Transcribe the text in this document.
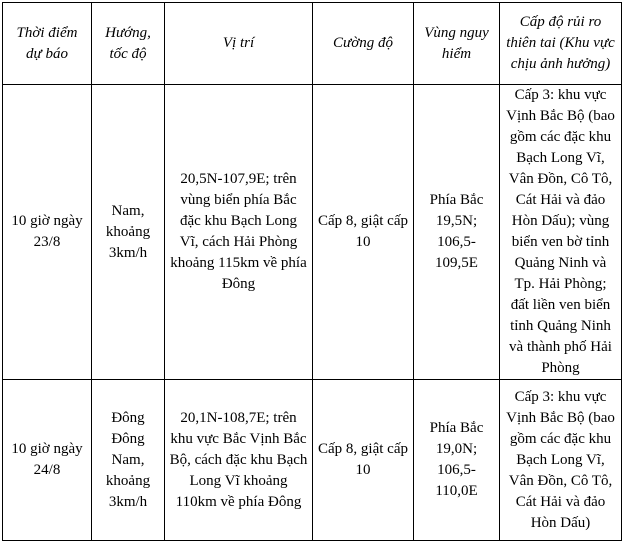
Thời điểm dự báo	Hướng, tốc độ	Vị trí	Cường độ	Vùng nguy hiểm	Cấp độ rủi ro thiên tai (Khu vực chịu ảnh hưởng)
10 giờ ngày 23/8	Nam, khoảng 3km/h	20,5N-107,9E; trên vùng biển phía Bắc đặc khu Bạch Long Vĩ, cách Hải Phòng khoảng 115km về phía Đông	Cấp 8, giật cấp 10	Phía Bắc 19,5N; 106,5-109,5E	Cấp 3: khu vực Vịnh Bắc Bộ (bao gồm các đặc khu Bạch Long Vĩ, Vân Đồn, Cô Tô, Cát Hải và đảo Hòn Dấu); vùng biển ven bờ tỉnh Quảng Ninh và Tp. Hải Phòng; đất liền ven biển tỉnh Quảng Ninh và thành phố Hải Phòng
10 giờ ngày 24/8	Đông Đông Nam, khoảng 3km/h	20,1N-108,7E; trên khu vực Bắc Vịnh Bắc Bộ, cách đặc khu Bạch Long Vĩ khoảng 110km về phía Đông	Cấp 8, giật cấp 10	Phía Bắc 19,0N; 106,5-110,0E	Cấp 3: khu vực Vịnh Bắc Bộ (bao gồm các đặc khu Bạch Long Vĩ, Vân Đồn, Cô Tô, Cát Hải và đảo Hòn Dấu)
